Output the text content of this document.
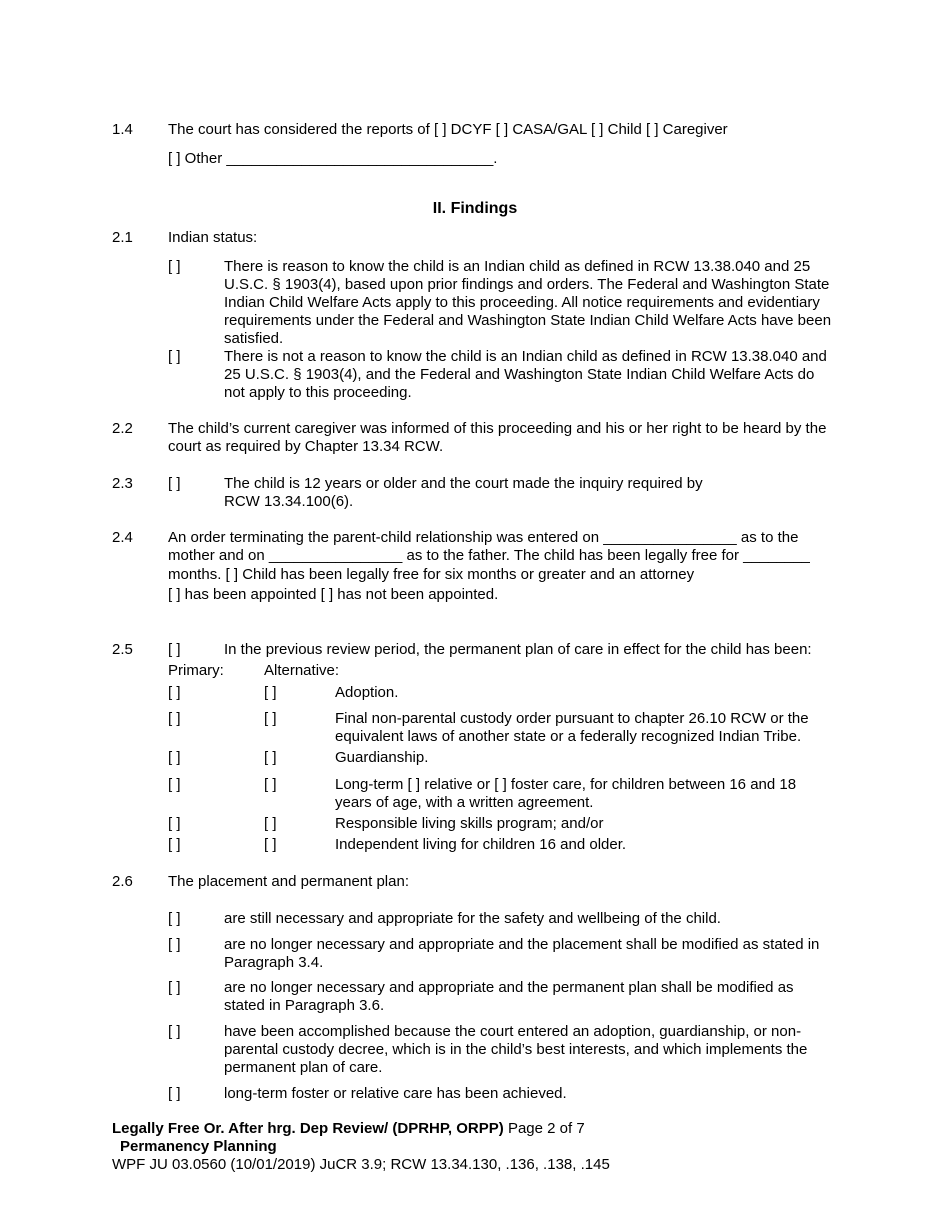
1.4 The court has considered the reports of [ ] DCYF [ ] CASA/GAL [ ] Child [ ] Caregiver
[ ] Other ________________________________.
II. Findings
2.1 Indian status:
[ ]	There is reason to know the child is an Indian child as defined in RCW 13.38.040 and 25 U.S.C. § 1903(4), based upon prior findings and orders. The Federal and Washington State Indian Child Welfare Acts apply to this proceeding. All notice requirements and evidentiary requirements under the Federal and Washington State Indian Child Welfare Acts have been satisfied.
[ ]	There is not a reason to know the child is an Indian child as defined in RCW 13.38.040 and 25 U.S.C. § 1903(4), and the Federal and Washington State Indian Child Welfare Acts do not apply to this proceeding.
2.2 The child’s current caregiver was informed of this proceeding and his or her right to be heard by the court as required by Chapter 13.34 RCW.
2.3 [ ]	The child is 12 years or older and the court made the inquiry required by RCW 13.34.100(6).
2.4 An order terminating the parent-child relationship was entered on ________________ as to the
mother and on ________________ as to the father. The child has been legally free for ________
months. [ ] Child has been legally free for six months or greater and an attorney
[ ] has been appointed [ ] has not been appointed.
2.5 [ ]	In the previous review period, the permanent plan of care in effect for the child has been:
Primary:	Alternative:
[ ]	[ ]	Adoption.
[ ]	[ ]	Final non-parental custody order pursuant to chapter 26.10 RCW or the equivalent laws of another state or a federally recognized Indian Tribe.
[ ]	[ ]	Guardianship.
[ ]	[ ]	Long-term [ ] relative or [ ] foster care, for children between 16 and 18 years of age, with a written agreement.
[ ]	[ ]	Responsible living skills program; and/or
[ ]	[ ]	Independent living for children 16 and older.
2.6 The placement and permanent plan:
[ ]	are still necessary and appropriate for the safety and wellbeing of the child.
[ ]	are no longer necessary and appropriate and the placement shall be modified as stated in Paragraph 3.4.
[ ]	are no longer necessary and appropriate and the permanent plan shall be modified as stated in Paragraph 3.6.
[ ]	have been accomplished because the court entered an adoption, guardianship, or non-parental custody decree, which is in the child’s best interests, and which implements the permanent plan of care.
[ ]	long-term foster or relative care has been achieved.
Legally Free Or. After hrg. Dep Review/ (DPRHP, ORPP) Page 2 of 7
Permanency Planning
WPF JU 03.0560 (10/01/2019) JuCR 3.9; RCW 13.34.130, .136, .138, .145
